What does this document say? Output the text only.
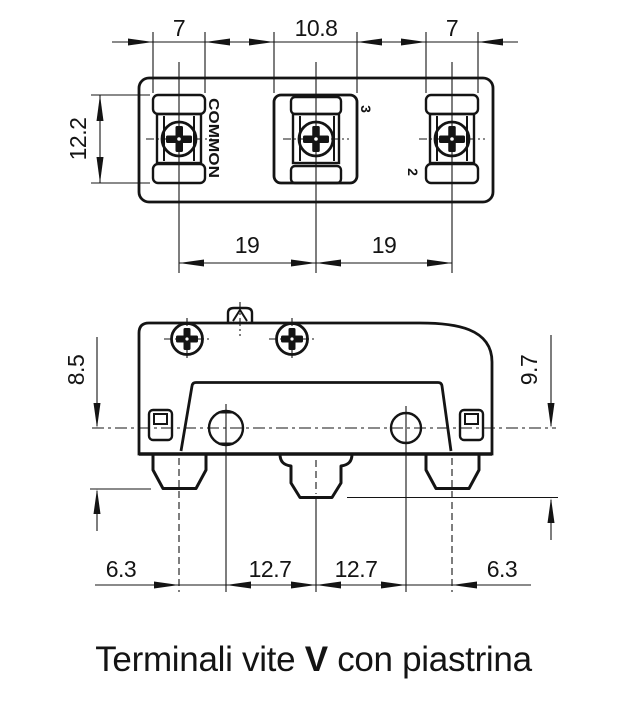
7	10.8	7
12.2
19	19
COMMON	3
2
8.5	9.7
6.3	12.7 12.7	6.3
Terminali vite V con piastrina
